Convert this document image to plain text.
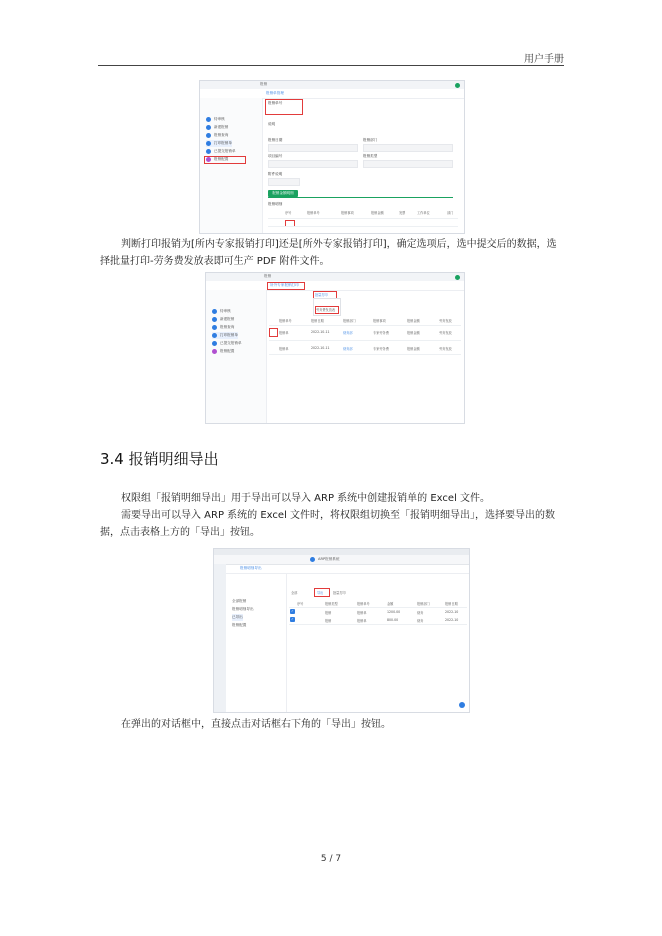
用户手册
报销
报销单管理
待审核
新建报销
报销查询
打印报销单
已提交报销单
报销配置
报销单号
说明
报销日期	报销部门
项目编号	报销类型
附件说明
报销金额明细
报销明细
序号	报销单号	报销事项	报销金额	发票	工作单位	部门

判断打印报销为[所内专家报销打印]还是[所外专家报销打印]，确定选项后，选中提交后的数据，选择批量打印-劳务费发放表即可生产 PDF 附件文件。

报销
所外专家报销打印
待审核
新建报销
报销查询
打印报销单
已提交报销单
报销配置
批量打印
劳务费发放表
报销单号	报销日期	报销部门	报销事项	报销金额	劳务发放
报销单	2022-10-11	财务部	专家劳务费	报销金额	劳务发放
报销单	2022-10-11	财务部	专家劳务费	报销金额	劳务发放
3.4 报销明细导出

权限组「报销明细导出」用于导出可以导入 ARP 系统中创建报销单的 Excel 文件。

需要导出可以导入 ARP 系统的 Excel 文件时，将权限组切换至「报销明细导出」，选择要导出的数据，点击表格上方的「导出」按钮。

ARP报销系统
报销明细导出
全部报销
报销明细导出
已导出
报销配置
全部	导出	批量打印
序号	报销类型	报销单号	金额	报销部门	报销日期
✓	报销	报销单	1200.00	财务	2022-10
✓	报销	报销单	800.00	财务	2022-10

在弹出的对话框中，直接点击对话框右下角的「导出」按钮。

5 / 7
